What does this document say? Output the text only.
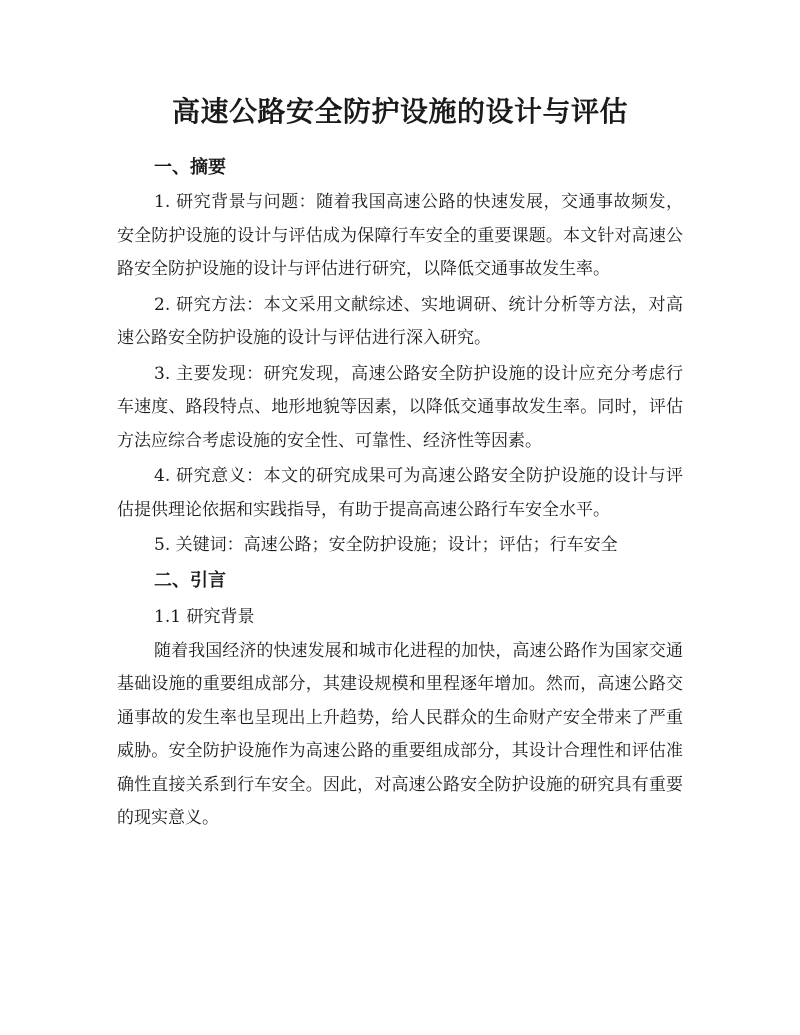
高速公路安全防护设施的设计与评估
一、摘要

1. 研究背景与问题：随着我国高速公路的快速发展，交通事故频发，安全防护设施的设计与评估成为保障行车安全的重要课题。本文针对高速公路安全防护设施的设计与评估进行研究，以降低交通事故发生率。

2. 研究方法：本文采用文献综述、实地调研、统计分析等方法，对高速公路安全防护设施的设计与评估进行深入研究。

3. 主要发现：研究发现，高速公路安全防护设施的设计应充分考虑行车速度、路段特点、地形地貌等因素，以降低交通事故发生率。同时，评估方法应综合考虑设施的安全性、可靠性、经济性等因素。

4. 研究意义：本文的研究成果可为高速公路安全防护设施的设计与评估提供理论依据和实践指导，有助于提高高速公路行车安全水平。

5. 关键词：高速公路；安全防护设施；设计；评估；行车安全

二、引言
1.1 研究背景

随着我国经济的快速发展和城市化进程的加快，高速公路作为国家交通基础设施的重要组成部分，其建设规模和里程逐年增加。然而，高速公路交通事故的发生率也呈现出上升趋势，给人民群众的生命财产安全带来了严重威胁。安全防护设施作为高速公路的重要组成部分，其设计合理性和评估准确性直接关系到行车安全。因此，对高速公路安全防护设施的研究具有重要的现实意义。
